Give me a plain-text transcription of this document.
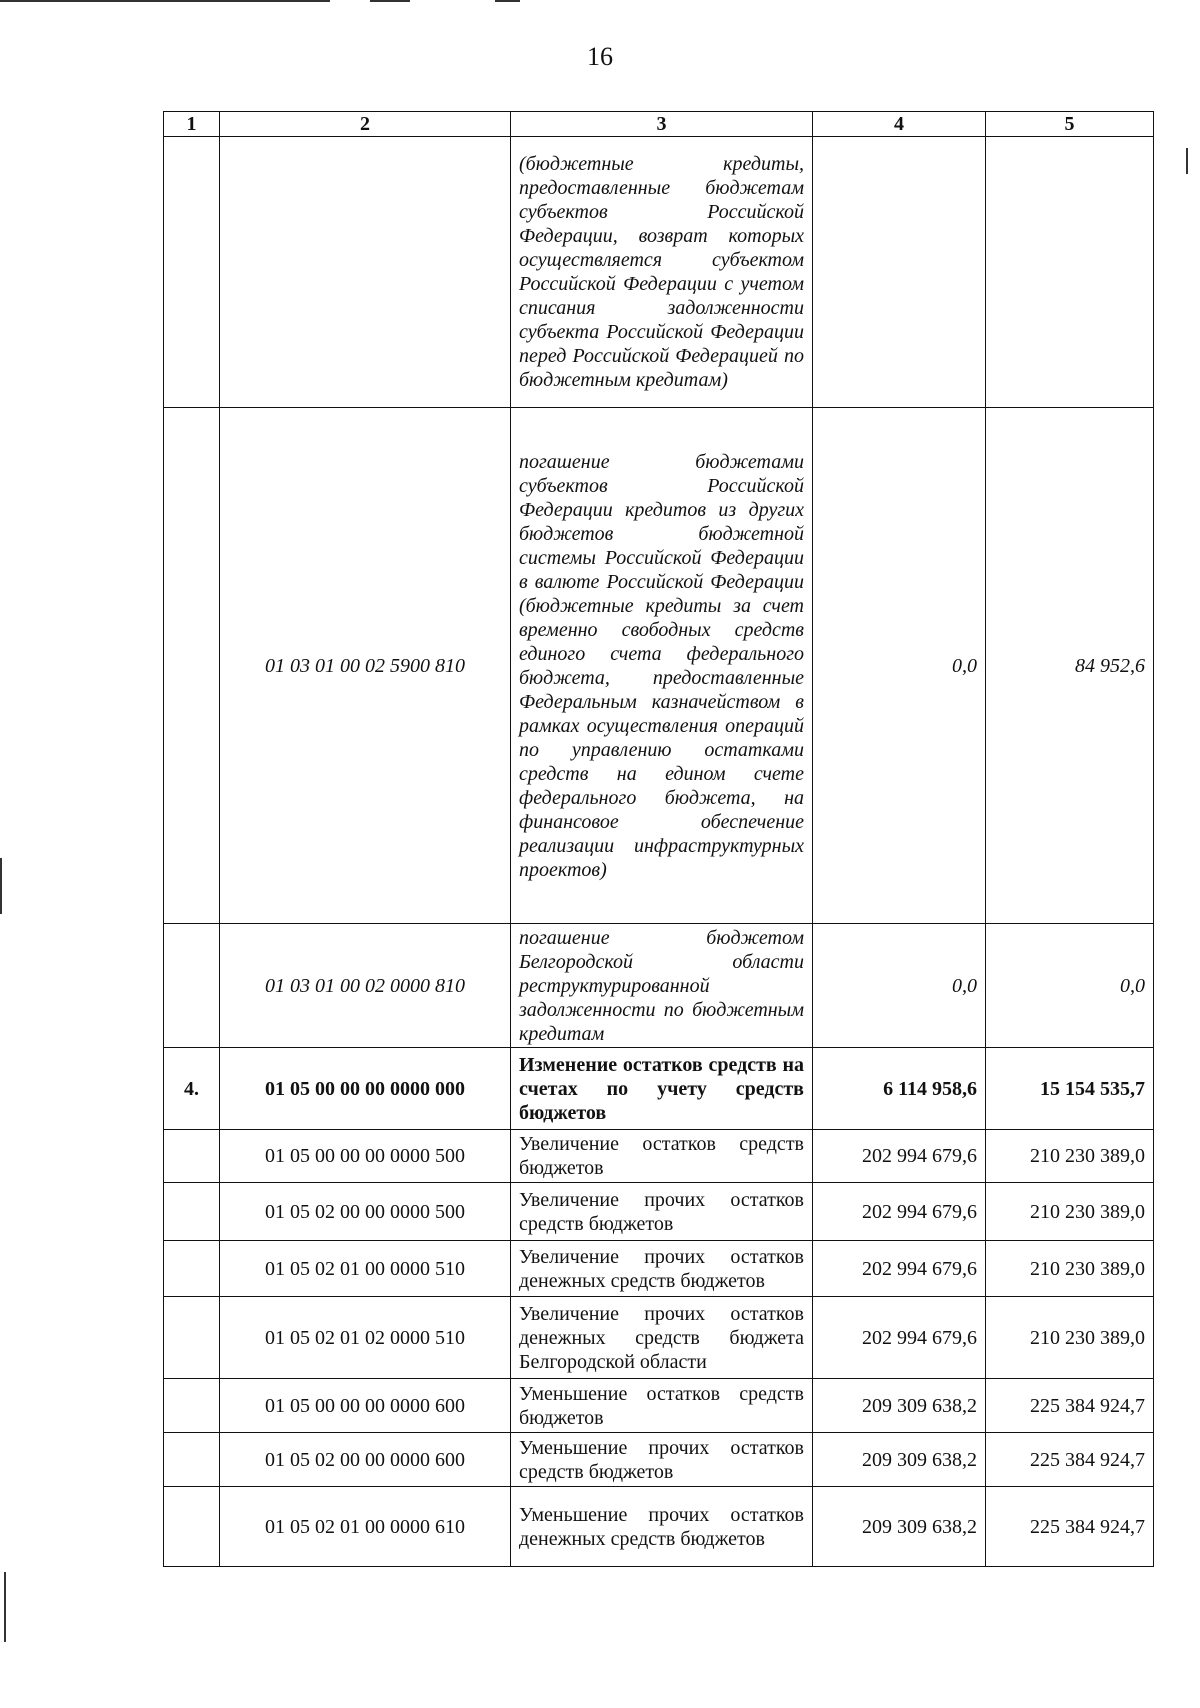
16
1	2	3	4	5
		(бюджетные кредиты, предоставленные бюджетам субъектов Российской Федерации, возврат которых осуществляется субъектом Российской Федерации с учетом списания задолженности субъекта Российской Федерации перед Российской Федерацией по бюджетным кредитам)		
	01 03 01 00 02 5900 810	погашение бюджетами субъектов Российской Федерации кредитов из других бюджетов бюджетной системы Российской Федерации в валюте Российской Федерации (бюджетные кредиты за счет временно свободных средств единого счета федерального бюджета, предоставленные Федеральным казначейством в рамках осуществления операций по управлению остатками средств на едином счете федерального бюджета, на финансовое обеспечение реализации инфраструктурных проектов)	0,0	84 952,6
	01 03 01 00 02 0000 810	погашение бюджетом Белгородской области реструктурированной задолженности по бюджетным кредитам	0,0	0,0
4.	01 05 00 00 00 0000 000	Изменение остатков средств на счетах по учету средств бюджетов	6 114 958,6	15 154 535,7
	01 05 00 00 00 0000 500	Увеличение остатков средств бюджетов	202 994 679,6	210 230 389,0
	01 05 02 00 00 0000 500	Увеличение прочих остатков средств бюджетов	202 994 679,6	210 230 389,0
	01 05 02 01 00 0000 510	Увеличение прочих остатков денежных средств бюджетов	202 994 679,6	210 230 389,0
	01 05 02 01 02 0000 510	Увеличение прочих остатков денежных средств бюджета Белгородской области	202 994 679,6	210 230 389,0
	01 05 00 00 00 0000 600	Уменьшение остатков средств бюджетов	209 309 638,2	225 384 924,7
	01 05 02 00 00 0000 600	Уменьшение прочих остатков средств бюджетов	209 309 638,2	225 384 924,7
	01 05 02 01 00 0000 610	Уменьшение прочих остатков денежных средств бюджетов	209 309 638,2	225 384 924,7
